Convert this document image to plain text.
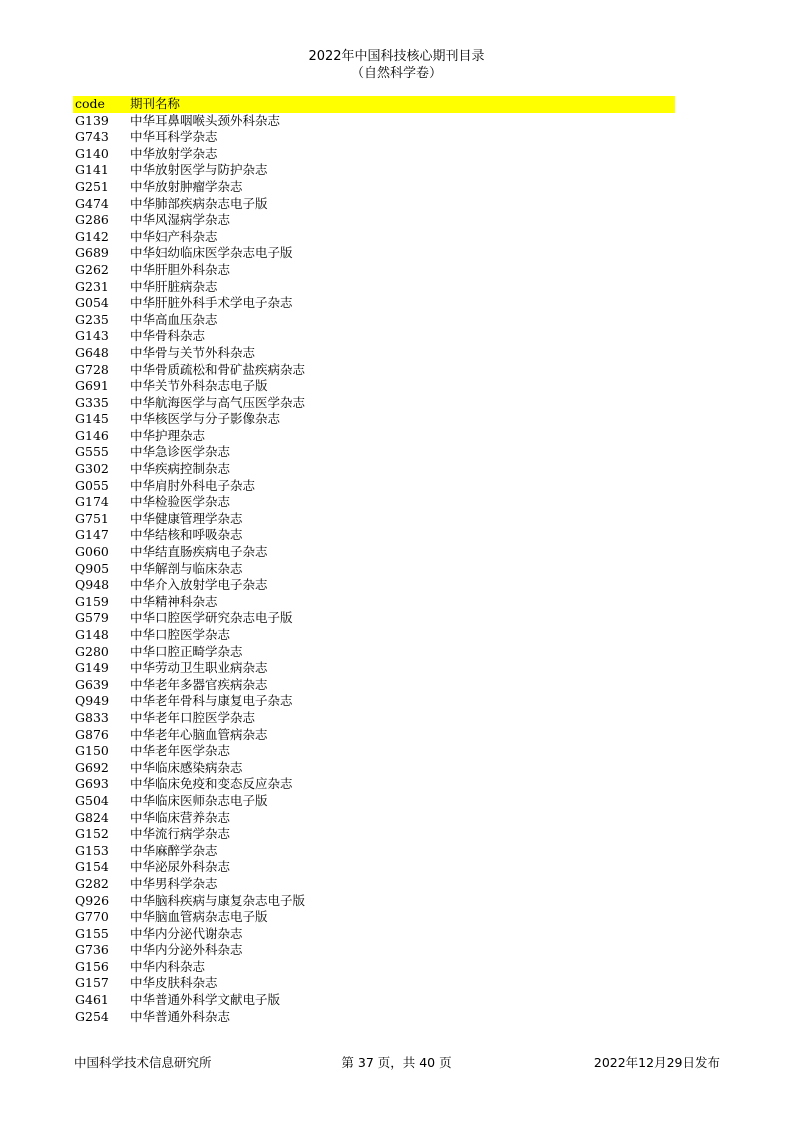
2022年中国科技核心期刊目录
（自然科学卷）
code	期刊名称
G139	中华耳鼻咽喉头颈外科杂志
G743	中华耳科学杂志
G140	中华放射学杂志
G141	中华放射医学与防护杂志
G251	中华放射肿瘤学杂志
G474	中华肺部疾病杂志电子版
G286	中华风湿病学杂志
G142	中华妇产科杂志
G689	中华妇幼临床医学杂志电子版
G262	中华肝胆外科杂志
G231	中华肝脏病杂志
G054	中华肝脏外科手术学电子杂志
G235	中华高血压杂志
G143	中华骨科杂志
G648	中华骨与关节外科杂志
G728	中华骨质疏松和骨矿盐疾病杂志
G691	中华关节外科杂志电子版
G335	中华航海医学与高气压医学杂志
G145	中华核医学与分子影像杂志
G146	中华护理杂志
G555	中华急诊医学杂志
G302	中华疾病控制杂志
G055	中华肩肘外科电子杂志
G174	中华检验医学杂志
G751	中华健康管理学杂志
G147	中华结核和呼吸杂志
G060	中华结直肠疾病电子杂志
Q905	中华解剖与临床杂志
Q948	中华介入放射学电子杂志
G159	中华精神科杂志
G579	中华口腔医学研究杂志电子版
G148	中华口腔医学杂志
G280	中华口腔正畸学杂志
G149	中华劳动卫生职业病杂志
G639	中华老年多器官疾病杂志
Q949	中华老年骨科与康复电子杂志
G833	中华老年口腔医学杂志
G876	中华老年心脑血管病杂志
G150	中华老年医学杂志
G692	中华临床感染病杂志
G693	中华临床免疫和变态反应杂志
G504	中华临床医师杂志电子版
G824	中华临床营养杂志
G152	中华流行病学杂志
G153	中华麻醉学杂志
G154	中华泌尿外科杂志
G282	中华男科学杂志
Q926	中华脑科疾病与康复杂志电子版
G770	中华脑血管病杂志电子版
G155	中华内分泌代谢杂志
G736	中华内分泌外科杂志
G156	中华内科杂志
G157	中华皮肤科杂志
G461	中华普通外科学文献电子版
G254	中华普通外科杂志
中国科学技术信息研究所	第 37 页，共 40 页	2022年12月29日发布
